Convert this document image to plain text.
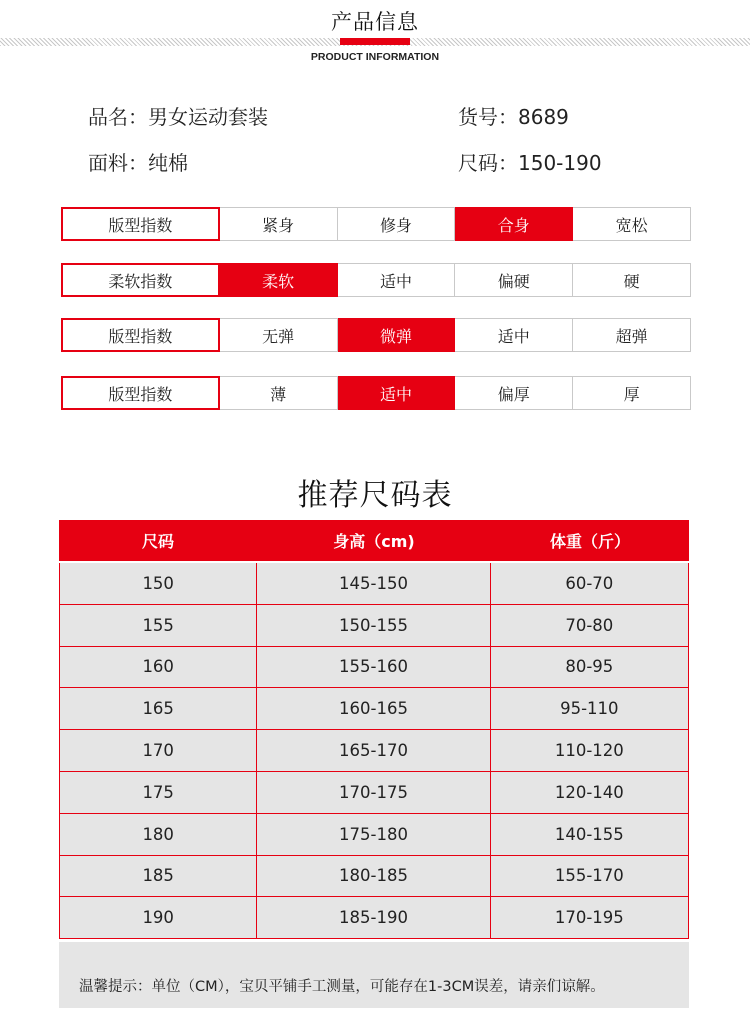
产品信息
PRODUCT INFORMATION
品名：男女运动套装	货号：8689
面料：纯棉	尺码：150-190
版型指数	紧身	修身	合身	宽松
柔软指数	柔软	适中	偏硬	硬
版型指数	无弹	微弹	适中	超弹
版型指数	薄	适中	偏厚	厚
推荐尺码表
尺码	身高（cm)	体重（斤）
150	145-150	60-70
155	150-155	70-80
160	155-160	80-95
165	160-165	95-110
170	165-170	110-120
175	170-175	120-140
180	175-180	140-155
185	180-185	155-170
190	185-190	170-195
温馨提示：单位（CM），宝贝平铺手工测量，可能存在1-3CM误差，请亲们谅解。
